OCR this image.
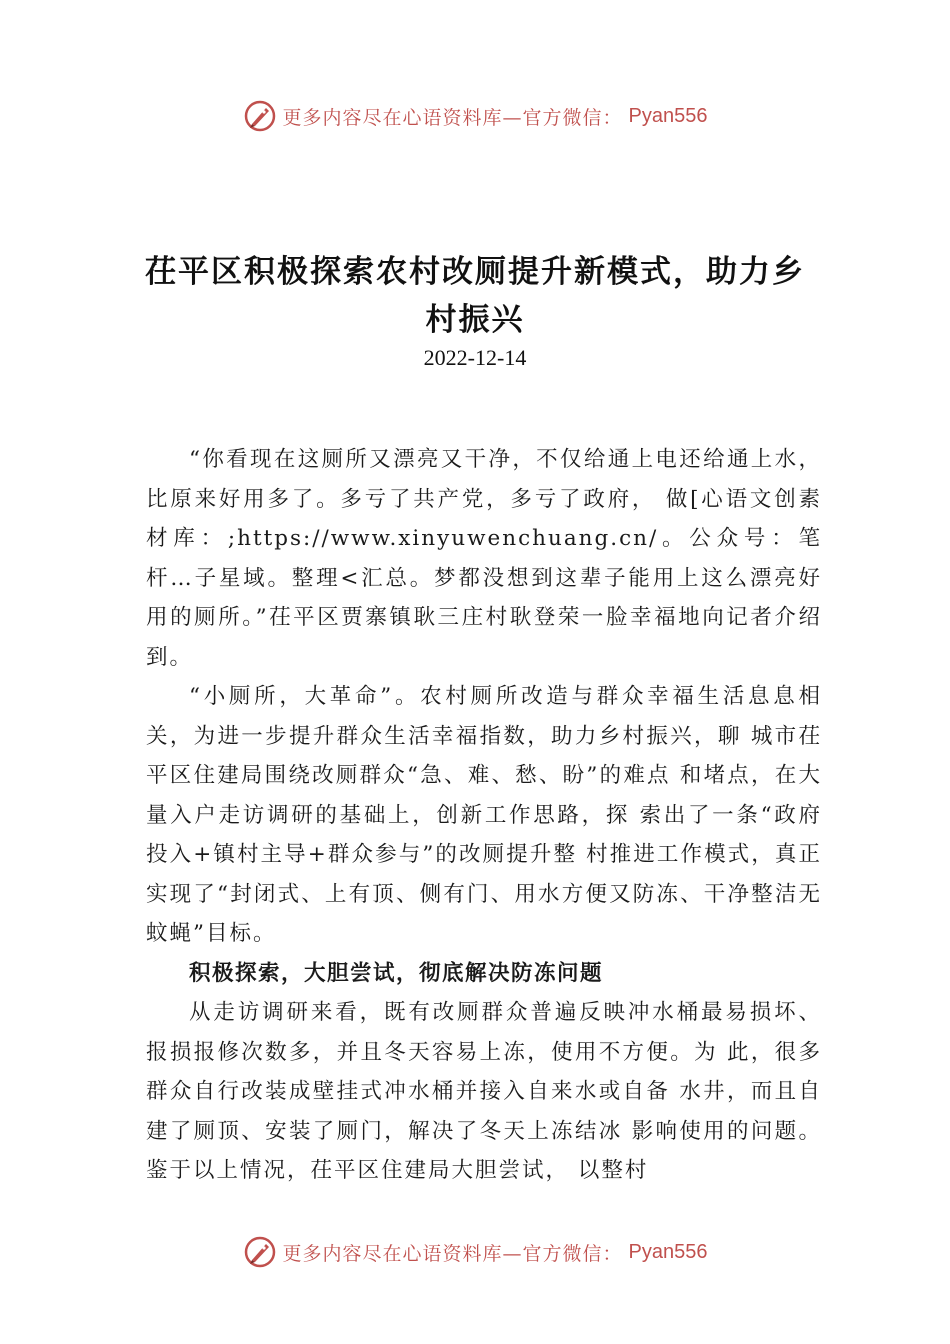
更多内容尽在心语资料库—官方微信： Pyan556
茌平区积极探索农村改厕提升新模式，助力乡村振兴
2022-12-14

“你看现在这厕所又漂亮又干净，不仅给通上电还给通上水，比原来好用多了。多亏了共产党，多亏了政府， 做[心语文创素材库：;https://www.xinyuwenchuang.cn/。公众号：笔杆…子星域。整理<汇总。梦都没想到这辈子能用上这么漂亮好用的厕所。”茌平区贾寨镇耿三庄村耿登荣一脸幸福地向记者介绍到。

“小厕所，大革命”。农村厕所改造与群众幸福生活息息相关，为进一步提升群众生活幸福指数，助力乡村振兴，聊 城市茌平区住建局围绕改厕群众“急、难、愁、盼”的难点 和堵点，在大量入户走访调研的基础上，创新工作思路，探 索出了一条“政府投入+镇村主导+群众参与”的改厕提升整 村推进工作模式，真正实现了“封闭式、上有顶、侧有门、用水方便又防冻、干净整洁无蚊蝇”目标。

积极探索，大胆尝试，彻底解决防冻问题

从走访调研来看，既有改厕群众普遍反映冲水桶最易损坏、报损报修次数多，并且冬天容易上冻，使用不方便。为 此，很多群众自行改装成壁挂式冲水桶并接入自来水或自备 水井，而且自建了厕顶、安装了厕门，解决了冬天上冻结冰 影响使用的问题。鉴于以上情况，茌平区住建局大胆尝试， 以整村

更多内容尽在心语资料库—官方微信： Pyan556
